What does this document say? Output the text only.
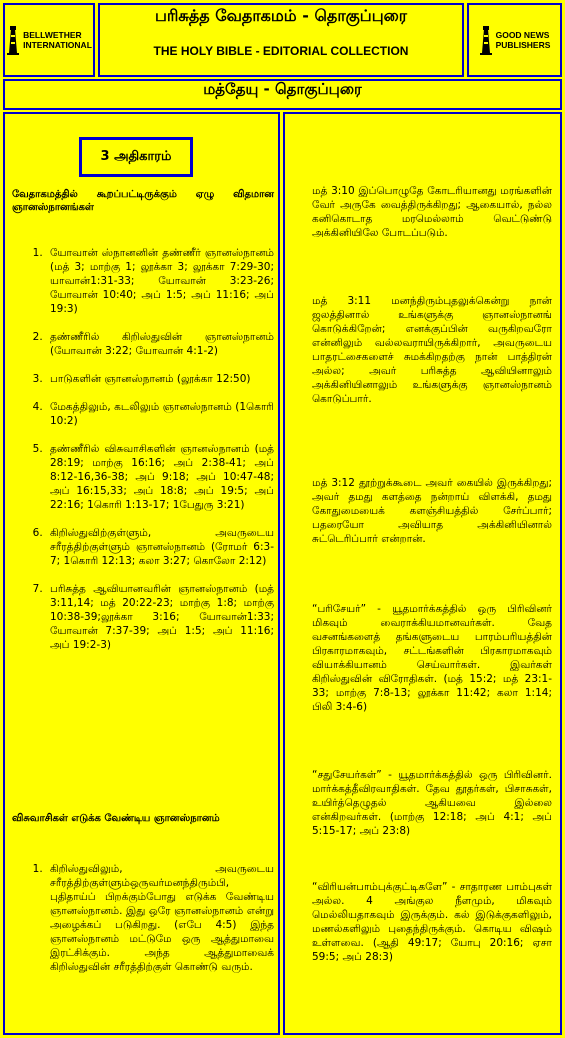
BELLWETHER
INTERNATIONAL
பரிசுத்த வேதாகமம் - தொகுப்புரை
THE HOLY BIBLE - EDITORIAL COLLECTION
GOOD NEWS
PUBLISHERS
மத்தேயு - தொகுப்புரை
3 அதிகாரம்
வேதாகமத்தில் கூறப்பட்டிருக்கும் ஏழு விதமான ஞானஸ்நானங்கள்
1. யோவான் ஸ்நானனின் தண்ணீர் ஞானஸ்நானம் (மத் 3; மாற்கு 1; லூக்கா 3; லூக்கா 7:29-30; யாவான்1:31-33; யோவான் 3:23-26; யோவான் 10:40; அப் 1:5; அப் 11:16; அப் 19:3)
2. தண்ணீரில் கிறிஸ்துவின் ஞானஸ்நானம் (யோவான் 3:22; யோவான் 4:1-2)
3. பாடுகளின் ஞானஸ்நானம் (லூக்கா 12:50)
4. மேகத்திலும், கடலிலும் ஞானஸ்நானம் (1கொரி 10:2)
5. தண்ணீரில் விசுவாசிகளின் ஞானஸ்நானம் (மத் 28:19; மாற்கு 16:16; அப் 2:38-41; அப் 8:12-16,36-38; அப் 9:18; அப் 10:47-48; அப் 16:15,33; அப் 18:8; அப் 19:5; அப் 22:16; 1கொரி 1:13-17; 1பேதுரு 3:21)
6. கிறிஸ்துவிற்குள்ளும், அவருடைய சரீரத்திற்குள்ளும் ஞானஸ்நானம் (ரோமர் 6:3-7; 1கொரி 12:13; கலா 3:27; கொலோ 2:12)
7. பரிசுத்த ஆவியானவரின் ஞானஸ்நானம் (மத் 3:11,14; மத் 20:22-23; மாற்கு 1:8; மாற்கு 10:38-39;லூக்கா 3:16; யோவான்1:33; யோவான் 7:37-39; அப் 1:5; அப் 11:16; அப் 19:2-3)
விசுவாசிகள் எடுக்க வேண்டிய ஞானஸ்நானம்
1. கிறிஸ்துவிலும், அவருடைய சரீரத்திற்குள்ளும்ஒருவர்மனந்திரும்பி, புதிதாய்ப் பிறக்கும்போது எடுக்க வேண்டிய ஞானஸ்நானம். இது ஒரே ஞானஸ்நானம் என்று அழைக்கப் படுகிறது. (எபே 4:5) இந்த ஞானஸ்நானம் மட்டுமே ஒரு ஆத்துமாவை இரட்சிக்கும். அந்த ஆத்துமாவைக் கிறிஸ்துவின் சரீரத்திற்குள் கொண்டு வரும்.
மத் 3:10 இப்பொழுதே கோடரியானது மரங்களின் வேர் அருகே வைத்திருக்கிறது; ஆகையால், நல்ல கனிகொடாத மரமெல்லாம் வெட்டுண்டு அக்கினியிலே போடப்படும்.
மத் 3:11 மனந்திரும்புதலுக்கென்று நான் ஜலத்தினால் உங்களுக்கு ஞானஸ்நானங் கொடுக்கிறேன்; எனக்குப்பின் வருகிறவரோ என்னிலும் வல்லவராயிருக்கிறார், அவருடைய பாதரட்சைகளைச் சுமக்கிறதற்கு நான் பாத்திரன் அல்ல; அவர் பரிசுத்த ஆவியினாலும் அக்கினியினாலும் உங்களுக்கு ஞானஸ்நானம் கொடுப்பார்.
மத் 3:12 தூற்றுக்கூடை அவர் கையில் இருக்கிறது; அவர் தமது களத்தை நன்றாய் விளக்கி, தமது கோதுமையைக் களஞ்சியத்தில் சேர்ப்பார்; பதரையோ அவியாத அக்கினியினால் சுட்டெரிப்பார் என்றான்.
“பரிசேயர்” - யூதமார்க்கத்தில் ஒரு பிரிவினர் மிகவும் வைராக்கியமானவர்கள். வேத வசனங்களைத் தங்களுடைய பாரம்பரியத்தின் பிரகாரமாகவும், சட்டங்களின் பிரகாரமாகவும் வியாக்கியானம் செய்வார்கள். இவர்கள் கிறிஸ்துவின் விரோதிகள். (மத் 15:2; மத் 23:1-33; மாற்கு 7:8-13; லூக்கா 11:42; கலா 1:14; பிலி 3:4-6)
“சதுசேயர்கள்” - யூதமார்க்கத்தில் ஒரு பிரிவினர். மார்க்கத்தீவிரவாதிகள். தேவ தூதர்கள், பிசாசுகள், உயிர்த்தெழுதல் ஆகியவை இல்லை என்கிறவர்கள். (மாற்கு 12:18; அப் 4:1; அப் 5:15-17; அப் 23:8)
“விரியன்பாம்புக்குட்டிகளே” - சாதாரண பாம்புகள் அல்ல. 4 அங்குல நீளமும், மிகவும் மெல்லியதாகவும் இருக்கும். கல் இடுக்குகளிலும், மணல்களிலும் புதைந்திருக்கும். கொடிய விஷம் உள்ளவை. (ஆதி 49:17; யோபு 20:16; ஏசா 59:5; அப் 28:3)
